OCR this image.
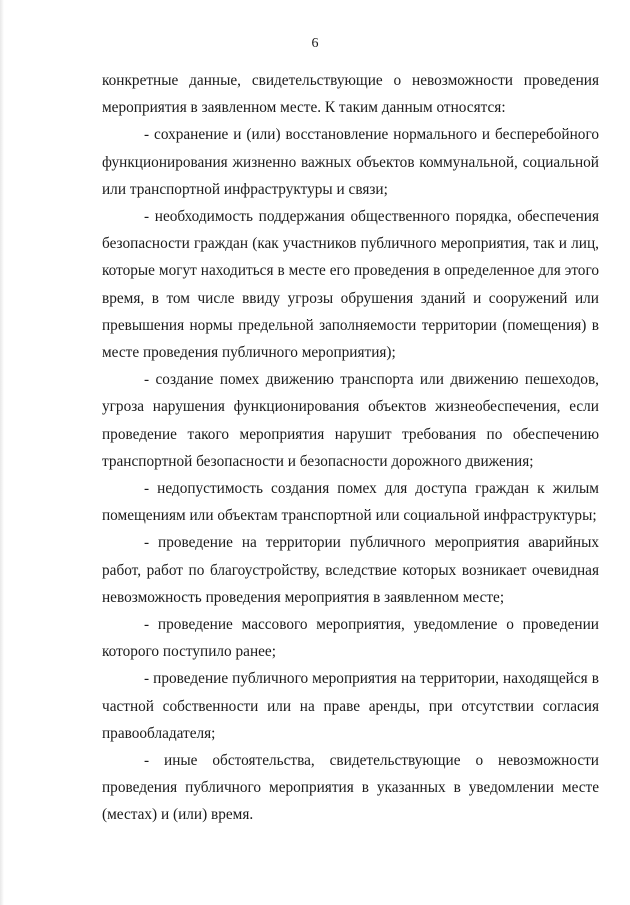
6

конкретные данные, свидетельствующие о невозможности проведения мероприятия в заявленном месте. К таким данным относятся:

- сохранение и (или) восстановление нормального и бесперебойного функционирования жизненно важных объектов коммунальной, социальной или транспортной инфраструктуры и связи;

- необходимость поддержания общественного порядка, обеспечения безопасности граждан (как участников публичного мероприятия, так и лиц, которые могут находиться в месте его проведения в определенное для этого время, в том числе ввиду угрозы обрушения зданий и сооружений или превышения нормы предельной заполняемости территории (помещения) в месте проведения публичного мероприятия);

- создание помех движению транспорта или движению пешеходов, угроза нарушения функционирования объектов жизнеобеспечения, если проведение такого мероприятия нарушит требования по обеспечению транспортной безопасности и безопасности дорожного движения;

- недопустимость создания помех для доступа граждан к жилым помещениям или объектам транспортной или социальной инфраструктуры;

- проведение на территории публичного мероприятия аварийных работ, работ по благоустройству, вследствие которых возникает очевидная невозможность проведения мероприятия в заявленном месте;

- проведение массового мероприятия, уведомление о проведении которого поступило ранее;

- проведение публичного мероприятия на территории, находящейся в частной собственности или на праве аренды, при отсутствии согласия правообладателя;

- иные обстоятельства, свидетельствующие о невозможности проведения публичного мероприятия в указанных в уведомлении месте (местах) и (или) время.
